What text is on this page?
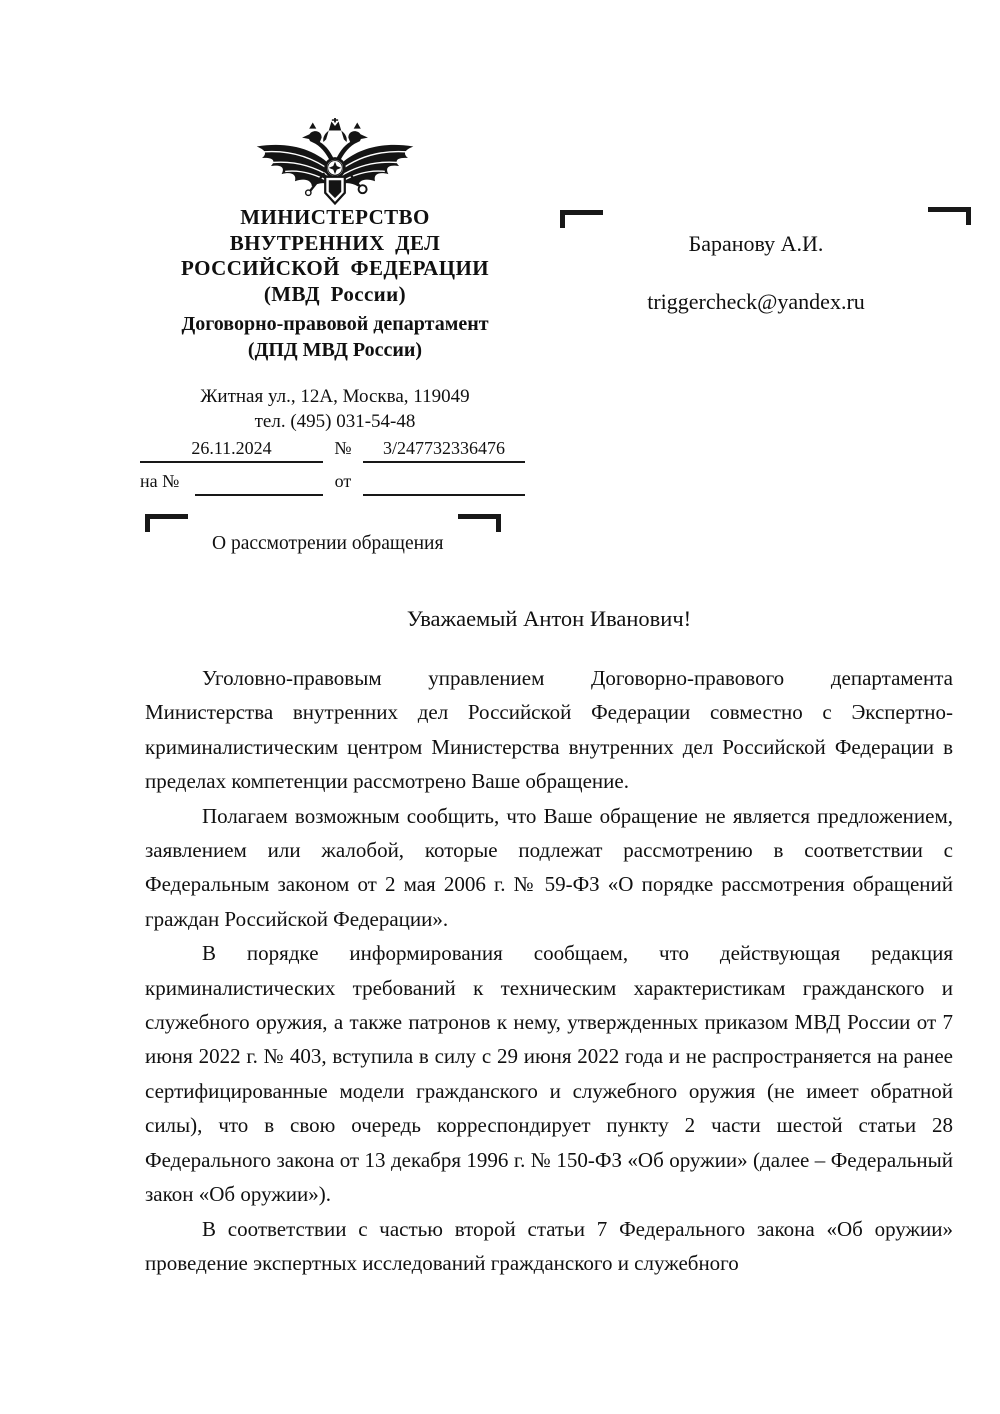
МИНИСТЕРСТВО
ВНУТРЕННИХ ДЕЛ
РОССИЙСКОЙ ФЕДЕРАЦИИ
(МВД России)
Договорно-правовой департамент
(ДПД МВД России)
Житная ул., 12А, Москва, 119049
тел. (495) 031-54-48
26.11.2024	№	3/247732336476
на №	от
О рассмотрении обращения
Баранову А.И.
triggercheck@yandex.ru
Уважаемый Антон Иванович!

Уголовно-правовым управлением Договорно-правового департамента Министерства внутренних дел Российской Федерации совместно с Экспертно-криминалистическим центром Министерства внутренних дел Российской Федерации в пределах компетенции рассмотрено Ваше обращение.

Полагаем возможным сообщить, что Ваше обращение не является предложением, заявлением или жалобой, которые подлежат рассмотрению в соответствии с Федеральным законом от 2 мая 2006 г. № 59-ФЗ «О порядке рассмотрения обращений граждан Российской Федерации».

В порядке информирования сообщаем, что действующая редакция криминалистических требований к техническим характеристикам гражданского и служебного оружия, а также патронов к нему, утвержденных приказом МВД России от 7 июня 2022 г. № 403, вступила в силу с 29 июня 2022 года и не распространяется на ранее сертифицированные модели гражданского и служебного оружия (не имеет обратной силы), что в свою очередь корреспондирует пункту 2 части шестой статьи 28 Федерального закона от 13 декабря 1996 г. № 150-ФЗ «Об оружии» (далее – Федеральный закон «Об оружии»).

В соответствии с частью второй статьи 7 Федерального закона «Об оружии» проведение экспертных исследований гражданского и служебного
